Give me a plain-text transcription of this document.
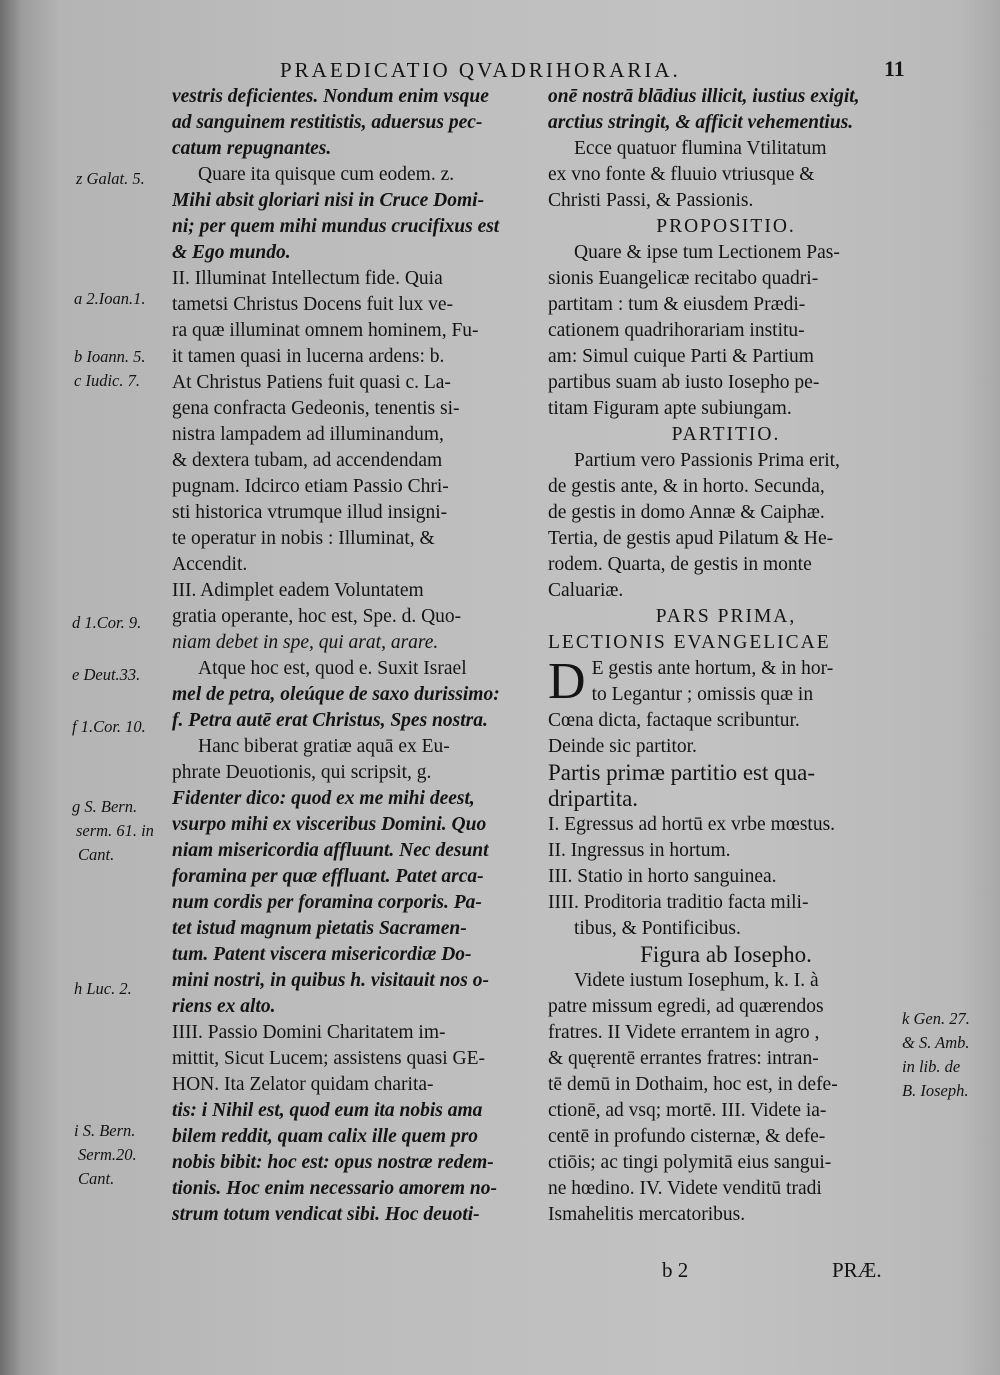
PRAEDICATIO QVADRIHORARIA.	11
vestris deficientes. Nondum enim vsque
ad sanguinem restitistis, aduersus pec-
catum repugnantes.
Quare ita quisque cum eodem. z.
Mihi absit gloriari nisi in Cruce Domi-
ni; per quem mihi mundus crucifixus est
& Ego mundo.
II. Illuminat Intellectum fide. Quia
tametsi Christus Docens fuit lux ve-
ra quæ illuminat omnem hominem, Fu-
it tamen quasi in lucerna ardens: b.
At Christus Patiens fuit quasi c. La-
gena confracta Gedeonis, tenentis si-
nistra lampadem ad illuminandum,
& dextera tubam, ad accendendam
pugnam. Idcirco etiam Passio Chri-
sti historica vtrumque illud insigni-
te operatur in nobis : Illuminat, &
Accendit.
III. Adimplet eadem Voluntatem
gratia operante, hoc est, Spe. d. Quo-
niam debet in spe, qui arat, arare.
Atque hoc est, quod e. Suxit Israel
mel de petra, oleúque de saxo durissimo:
f. Petra autē erat Christus, Spes nostra.
Hanc biberat gratiæ aquā ex Eu-
phrate Deuotionis, qui scripsit, g.
Fidenter dico: quod ex me mihi deest,
vsurpo mihi ex visceribus Domini. Quo
niam misericordia affluunt. Nec desunt
foramina per quæ effluant. Patet arca-
num cordis per foramina corporis. Pa-
tet istud magnum pietatis Sacramen-
tum. Patent viscera misericordiæ Do-
mini nostri, in quibus h. visitauit nos o-
riens ex alto.
IIII. Passio Domini Charitatem im-
mittit, Sicut Lucem; assistens quasi GE-
HON. Ita Zelator quidam charita-
tis: i Nihil est, quod eum ita nobis ama
bilem reddit, quam calix ille quem pro
nobis bibit: hoc est: opus nostræ redem-
tionis. Hoc enim necessario amorem no-
strum totum vendicat sibi. Hoc deuoti-
onē nostrā blādius illicit, iustius exigit,
arctius stringit, & afficit vehementius.
Ecce quatuor flumina Vtilitatum
ex vno fonte & fluuio vtriusque &
Christi Passi, & Passionis.
PROPOSITIO.
Quare & ipse tum Lectionem Pas-
sionis Euangelicæ recitabo quadri-
partitam : tum & eiusdem Prædi-
cationem quadrihorariam institu-
am: Simul cuique Parti & Partium
partibus suam ab iusto Iosepho pe-
titam Figuram apte subiungam.
PARTITIO.
Partium vero Passionis Prima erit,
de gestis ante, & in horto. Secunda,
de gestis in domo Annæ & Caiphæ.
Tertia, de gestis apud Pilatum & He-
rodem. Quarta, de gestis in monte
Caluariæ.
PARS PRIMA,
LECTIONIS EVANGELICAE
D E gestis ante hortum, & in hor-
to Legantur ; omissis quæ in
Cœna dicta, factaque scribuntur.
Deinde sic partitor.
Partis primæ partitio est qua-
dripartita.
I. Egressus ad hortū ex vrbe mœstus.
II. Ingressus in hortum.
III. Statio in horto sanguinea.
IIII. Proditoria traditio facta mili-
tibus, & Pontificibus.
Figura ab Iosepho.
Videte iustum Iosephum, k. I. à
patre missum egredi, ad quærendos
fratres. II Videte errantem in agro ,
& quęrentē errantes fratres: intran-
tē demū in Dothaim, hoc est, in defe-
ctionē, ad vsq; mortē. III. Videte ia-
centē in profundo cisternæ, & defe-
ctiōis; ac tingi polymitā eius sangui-
ne hœdino. IV. Videte venditū tradi
Ismahelitis mercatoribus.
z Galat. 5.
a 2.Ioan.1.
b Ioann. 5.
c Iudic. 7.
d 1.Cor. 9.
e Deut.33.
f 1.Cor. 10.
g S. Bern.
serm. 61. in
Cant.
h Luc. 2.
i S. Bern.
Serm.20.
Cant.
k Gen. 27.
& S. Amb.
in lib. de
B. Ioseph.
b 2	PRÆ.
